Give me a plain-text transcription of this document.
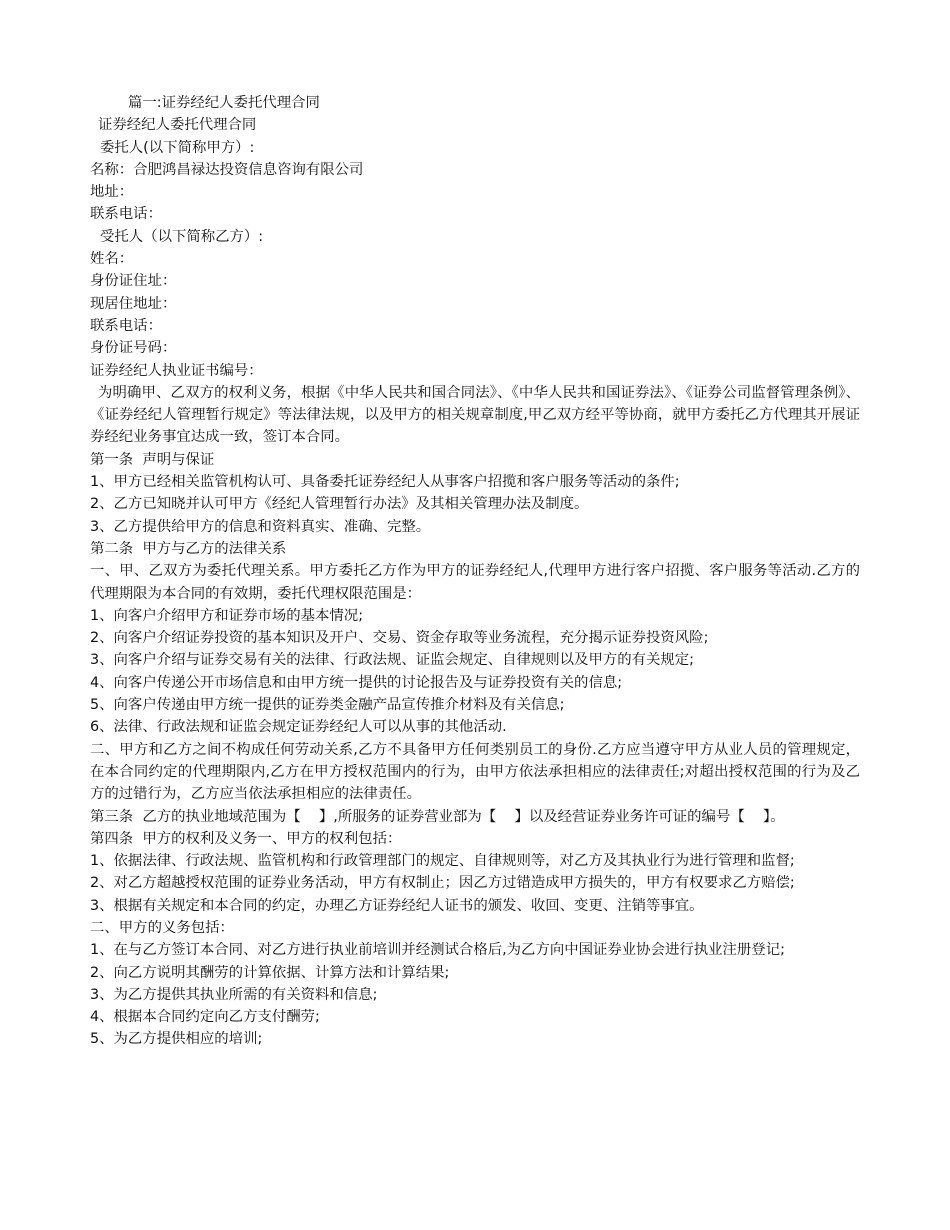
篇一:证券经纪人委托代理合同

证券经纪人委托代理合同

委托人(以下简称甲方）:

名称：合肥鸿昌禄达投资信息咨询有限公司

地址：

联系电话：

受托人（以下简称乙方）:

姓名：

身份证住址：

现居住地址：

联系电话：

身份证号码：

证券经纪人执业证书编号：

为明确甲、乙双方的权利义务，根据《中华人民共和国合同法》、《中华人民共和国证券法》、《证券公司监督管理条例》、《证券经纪人管理暂行规定》等法律法规，以及甲方的相关规章制度,甲乙双方经平等协商，就甲方委托乙方代理其开展证券经纪业务事宜达成一致，签订本合同。

第一条  声明与保证

1、甲方已经相关监管机构认可、具备委托证券经纪人从事客户招揽和客户服务等活动的条件;

2、乙方已知晓并认可甲方《经纪人管理暂行办法》及其相关管理办法及制度。

3、乙方提供给甲方的信息和资料真实、准确、完整。

第二条  甲方与乙方的法律关系

一、甲、乙双方为委托代理关系。甲方委托乙方作为甲方的证券经纪人,代理甲方进行客户招揽、客户服务等活动.乙方的代理期限为本合同的有效期，委托代理权限范围是：

1、向客户介绍甲方和证券市场的基本情况;

2、向客户介绍证券投资的基本知识及开户、交易、资金存取等业务流程，充分揭示证券投资风险;

3、向客户介绍与证券交易有关的法律、行政法规、证监会规定、自律规则以及甲方的有关规定;

4、向客户传递公开市场信息和由甲方统一提供的讨论报告及与证券投资有关的信息;

5、向客户传递由甲方统一提供的证券类金融产品宣传推介材料及有关信息;

6、法律、行政法规和证监会规定证券经纪人可以从事的其他活动.

二、甲方和乙方之间不构成任何劳动关系,乙方不具备甲方任何类别员工的身份.乙方应当遵守甲方从业人员的管理规定，在本合同约定的代理期限内,乙方在甲方授权范围内的行为，由甲方依法承担相应的法律责任;对超出授权范围的行为及乙方的过错行为，乙方应当依法承担相应的法律责任。

第三条  乙方的执业地域范围为【    】,所服务的证券营业部为【    】以及经营证券业务许可证的编号【    】。

第四条  甲方的权利及义务一、甲方的权利包括：

1、依据法律、行政法规、监管机构和行政管理部门的规定、自律规则等，对乙方及其执业行为进行管理和监督;

2、对乙方超越授权范围的证券业务活动，甲方有权制止；因乙方过错造成甲方损失的，甲方有权要求乙方赔偿;

3、根据有关规定和本合同的约定，办理乙方证券经纪人证书的颁发、收回、变更、注销等事宜。

二、甲方的义务包括：

1、在与乙方签订本合同、对乙方进行执业前培训并经测试合格后,为乙方向中国证券业协会进行执业注册登记;

2、向乙方说明其酬劳的计算依据、计算方法和计算结果;

3、为乙方提供其执业所需的有关资料和信息;

4、根据本合同约定向乙方支付酬劳;

5、为乙方提供相应的培训;
